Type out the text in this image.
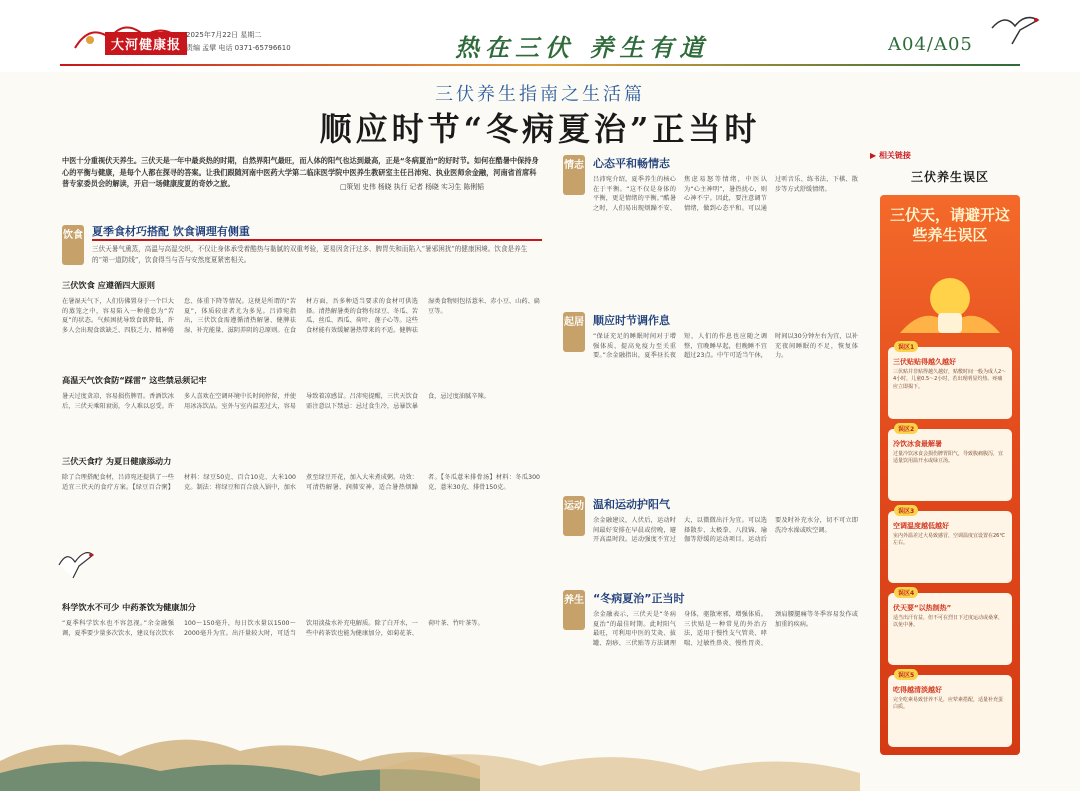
大河健康报
2025年7月22日 星期二
责编 孟擘 电话 0371-65796610	热在三伏 养生有道	A04/A05
三伏养生指南之生活篇
顺应时节“冬病夏治”正当时
中医十分重视伏天养生。三伏天是一年中最炎热的时期，自然界阳气最旺，而人体的阳气也达到最高，正是“冬病夏治”的好时节。如何在酷暑中保持身心的平衡与健康，是每个人都在探寻的答案。让我们跟随河南中医药大学第二临床医学院中医养生教研室主任吕沛宛、执业医师余金融，河南省首席科普专家委员会的解读，开启一场健康度夏的奇妙之旅。	□策划 史伟 杨晓 执行 记者 杨晓 实习生 陈俐韬
饮食 夏季食材巧搭配 饮食调理有侧重
三伏天暑气熏蒸，高温与高湿交织，不仅让身体承受着酷热与黏腻的双重考验，更易因贪汗过多、脾胃失和而陷入“暑邪困扰”的健康困境。饮食是养生的“第一道防线”，饮食得当与否与安然度夏紧密相关。
三伏饮食 应遵循四大原则
在暑湿天气下，人们仿佛置身于一个巨大的蒸笼之中，容易陷入一种倦怠为“苦夏”的状态。气候困扰导致食欲降低，许多人会出现食欲缺乏、四肢乏力、精神倦怠、体重下降等情况。这便是所谓的“苦夏”，体质较虚者尤为多见。吕沛宛指出，三伏饮食需遵循清热解暑、健脾祛湿、补充能量、滋阴养阴的总原则。在食材方面，吾多种适当要求的食材可供选择。清热解暑类的食物有绿豆、冬瓜、苦瓜、丝瓜、西瓜、荷叶、莲子心等。这些食材能有效缓解暑热带来的不适。健脾祛湿类食物则包括薏米、赤小豆、山药、扁豆等。
高温天气饮食防“踩雷” 这些禁忌须记牢
暑天过度贪凉，容易损伤脾胃。香酒饮冰后，三伏天乘阳衰弱，令人难以忍受。许多人喜欢在空调环境中长时间停留，并使用冰冻饮品。室外与室内温差过大，容易导致着凉感冒。吕沛宛提醒，三伏天饮食需注意以下禁忌：忌过食生冷，忌暴饮暴食，忌过度油腻辛辣。
三伏天食疗 为夏日健康添动力
除了合理搭配食材，吕沛宛还提供了一些适宜三伏天的食疗方案。【绿豆百合粥】材料：绿豆50克、百合10克、大米100克。制法：将绿豆和百合放入锅中，加水煮至绿豆开花，加入大米煮成粥。功效：可清热解暑、润肺安神，适合暑热烦躁者。【冬瓜薏米排骨汤】材料：冬瓜300克、薏米30克、排骨150克。
科学饮水不可少 中药茶饮为健康加分
“夏季科学饮水也不容忽视。”余金融强调，夏季要少量多次饮水，建议每次饮水100～150毫升，每日饮水量以1500～2000毫升为宜。出汗量较大时，可适当饮用淡盐水补充电解质。除了白开水，一些中药茶饮也能为健康加分，如菊花茶、荷叶茶、竹叶茶等。
情志 心态平和畅情志
吕沛宛介绍，夏季养生的核心在于平衡。“这不仅是身体的平衡，更是情绪的平衡。”酷暑之时，人们易出现烦躁不安、焦虑易怒等情绪，中医认为“心主神明”，暑热扰心，则心神不宁。因此，要注意调节情绪，做到心态平和。可以通过听音乐、练书法、下棋、散步等方式舒缓情绪。
起居 顺应时节调作息
“保证充足的睡眠时间对于增强体质、提高免疫力至关重要。”余金融指出，夏季昼长夜短，人们的作息也应随之调整，宜晚睡早起，但晚睡不宜超过23点。中午可适当午休，时间以30分钟左右为宜，以补充夜间睡眠的不足，恢复体力。
运动 温和运动护阳气
余金融建议，人伏后，运动时间最好安排在早晨或傍晚，避开高温时段。运动强度不宜过大，以微微出汗为宜。可以选择散步、太极拳、八段锦、瑜伽等舒缓的运动项目。运动后要及时补充水分，切不可立即洗冷水澡或吹空调。
养生 “冬病夏治”正当时
余金融表示，三伏天是“冬病夏治”的最佳时期。此时阳气最旺，可利用中医的艾灸、拔罐、刮痧、三伏贴等方法调理身体，驱散寒邪，增强体质。三伏贴是一种常见的外治方法，适用于慢性支气管炎、哮喘、过敏性鼻炎、慢性胃炎、颈肩腰腿痛等冬季容易发作或加重的疾病。
▶ 相关链接
三伏养生误区
三伏天，请避开这些养生误区
误区1
三伏贴贴得越久越好
三伏贴并非贴得越久越好，贴敷时间一般为成人2～4小时，儿童0.5～2小时，若出现明显灼热、疼痛应立即揭下。
误区2
冷饮冰食最解暑
过量冷饮冰食会损伤脾胃阳气，导致腹痛腹泻，宜适量饮用温开水或绿豆汤。
误区3
空调温度越低越好
室内外温差过大易致感冒，空调温度宜设置在26℃左右。
误区4
伏天要“以热制热”
适当出汗有益，但不可在烈日下过度运动或桑拿，以免中暑。
误区5
吃得越清淡越好
完全吃素易致营养不足，应荤素搭配，适量补充蛋白质。
